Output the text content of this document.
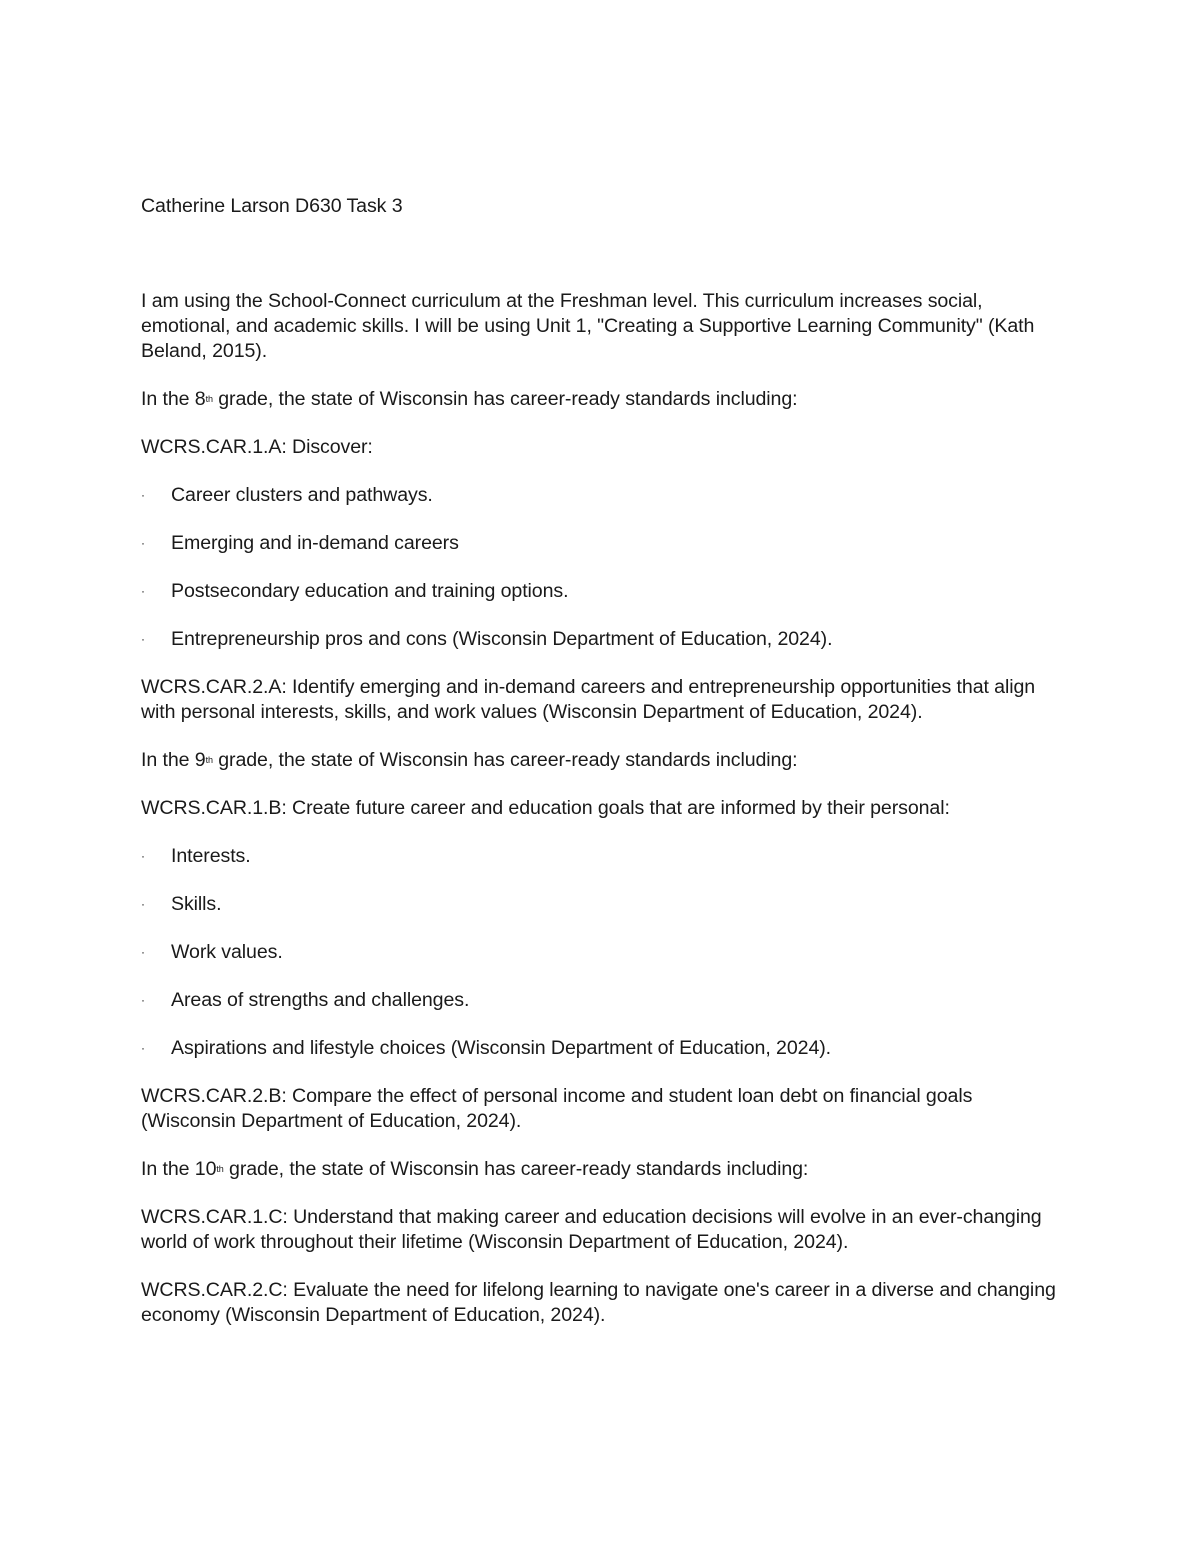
Catherine Larson D630 Task 3

I am using the School-Connect curriculum at the Freshman level. This curriculum increases social, emotional, and academic skills. I will be using Unit 1, "Creating a Supportive Learning Community" (Kath Beland, 2015).

In the 8th grade, the state of Wisconsin has career-ready standards including:

WCRS.CAR.1.A: Discover:

·	Career clusters and pathways.
·	Emerging and in-demand careers
·	Postsecondary education and training options.
·	Entrepreneurship pros and cons (Wisconsin Department of Education, 2024).

WCRS.CAR.2.A: Identify emerging and in-demand careers and entrepreneurship opportunities that align with personal interests, skills, and work values (Wisconsin Department of Education, 2024).

In the 9th grade, the state of Wisconsin has career-ready standards including:

WCRS.CAR.1.B: Create future career and education goals that are informed by their personal:

·	Interests.
·	Skills.
·	Work values.
·	Areas of strengths and challenges.
·	Aspirations and lifestyle choices (Wisconsin Department of Education, 2024).

WCRS.CAR.2.B: Compare the effect of personal income and student loan debt on financial goals (Wisconsin Department of Education, 2024).

In the 10th grade, the state of Wisconsin has career-ready standards including:

WCRS.CAR.1.C: Understand that making career and education decisions will evolve in an ever-changing world of work throughout their lifetime (Wisconsin Department of Education, 2024).

WCRS.CAR.2.C: Evaluate the need for lifelong learning to navigate one's career in a diverse and changing economy (Wisconsin Department of Education, 2024).
